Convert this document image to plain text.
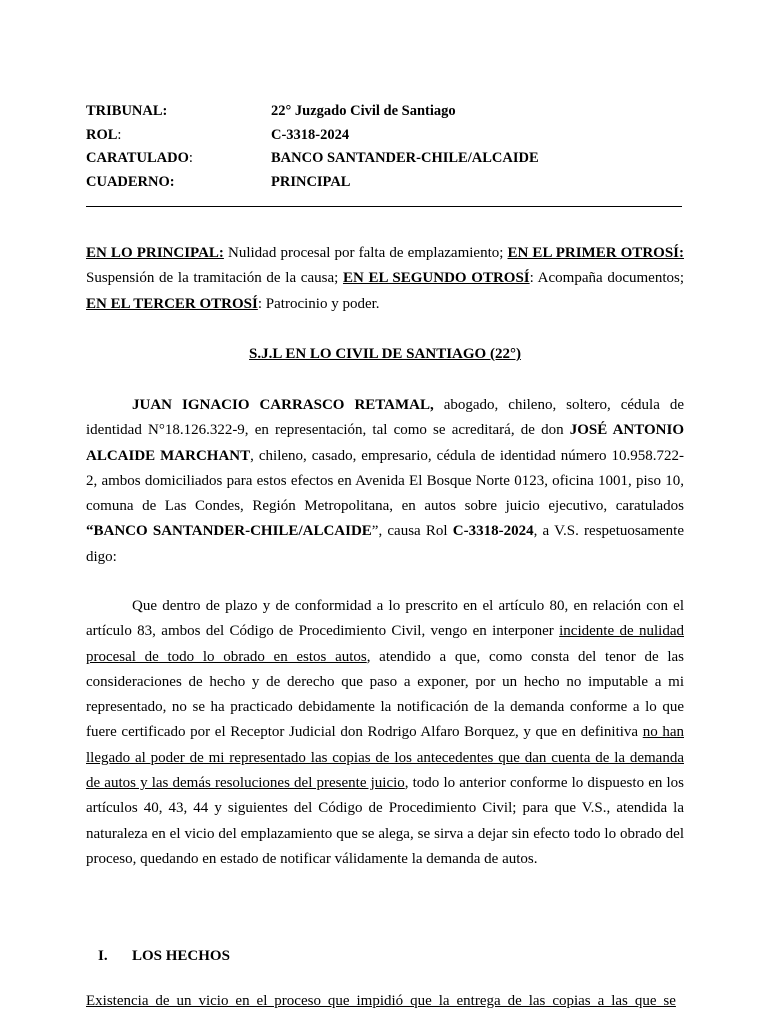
TRIBUNAL:	22° Juzgado Civil de Santiago
ROL:	C-3318-2024
CARATULADO:	BANCO SANTANDER-CHILE/ALCAIDE
CUADERNO:	PRINCIPAL
EN LO PRINCIPAL: Nulidad procesal por falta de emplazamiento; EN EL PRIMER OTROSÍ: Suspensión de la tramitación de la causa; EN EL SEGUNDO OTROSÍ: Acompaña documentos; EN EL TERCER OTROSÍ: Patrocinio y poder.
S.J.L EN LO CIVIL DE SANTIAGO (22°)
JUAN IGNACIO CARRASCO RETAMAL, abogado, chileno, soltero, cédula de identidad N°18.126.322-9, en representación, tal como se acreditará, de don JOSÉ ANTONIO ALCAIDE MARCHANT, chileno, casado, empresario, cédula de identidad número 10.958.722-2, ambos domiciliados para estos efectos en Avenida El Bosque Norte 0123, oficina 1001, piso 10, comuna de Las Condes, Región Metropolitana, en autos sobre juicio ejecutivo, caratulados “BANCO SANTANDER-CHILE/ALCAIDE”, causa Rol C-3318-2024, a V.S. respetuosamente digo:
Que dentro de plazo y de conformidad a lo prescrito en el artículo 80, en relación con el artículo 83, ambos del Código de Procedimiento Civil, vengo en interponer incidente de nulidad procesal de todo lo obrado en estos autos, atendido a que, como consta del tenor de las consideraciones de hecho y de derecho que paso a exponer, por un hecho no imputable a mi representado, no se ha practicado debidamente la notificación de la demanda conforme a lo que fuere certificado por el Receptor Judicial don Rodrigo Alfaro Borquez, y que en definitiva no han llegado al poder de mi representado las copias de los antecedentes que dan cuenta de la demanda de autos y las demás resoluciones del presente juicio, todo lo anterior conforme lo dispuesto en los artículos 40, 43, 44 y siguientes del Código de Procedimiento Civil; para que V.S., atendida la naturaleza en el vicio del emplazamiento que se alega, se sirva a dejar sin efecto todo lo obrado del proceso, quedando en estado de notificar válidamente la demanda de autos.
I.	LOS HECHOS
Existencia de un vicio en el proceso que impidió que la entrega de las copias a las que se
